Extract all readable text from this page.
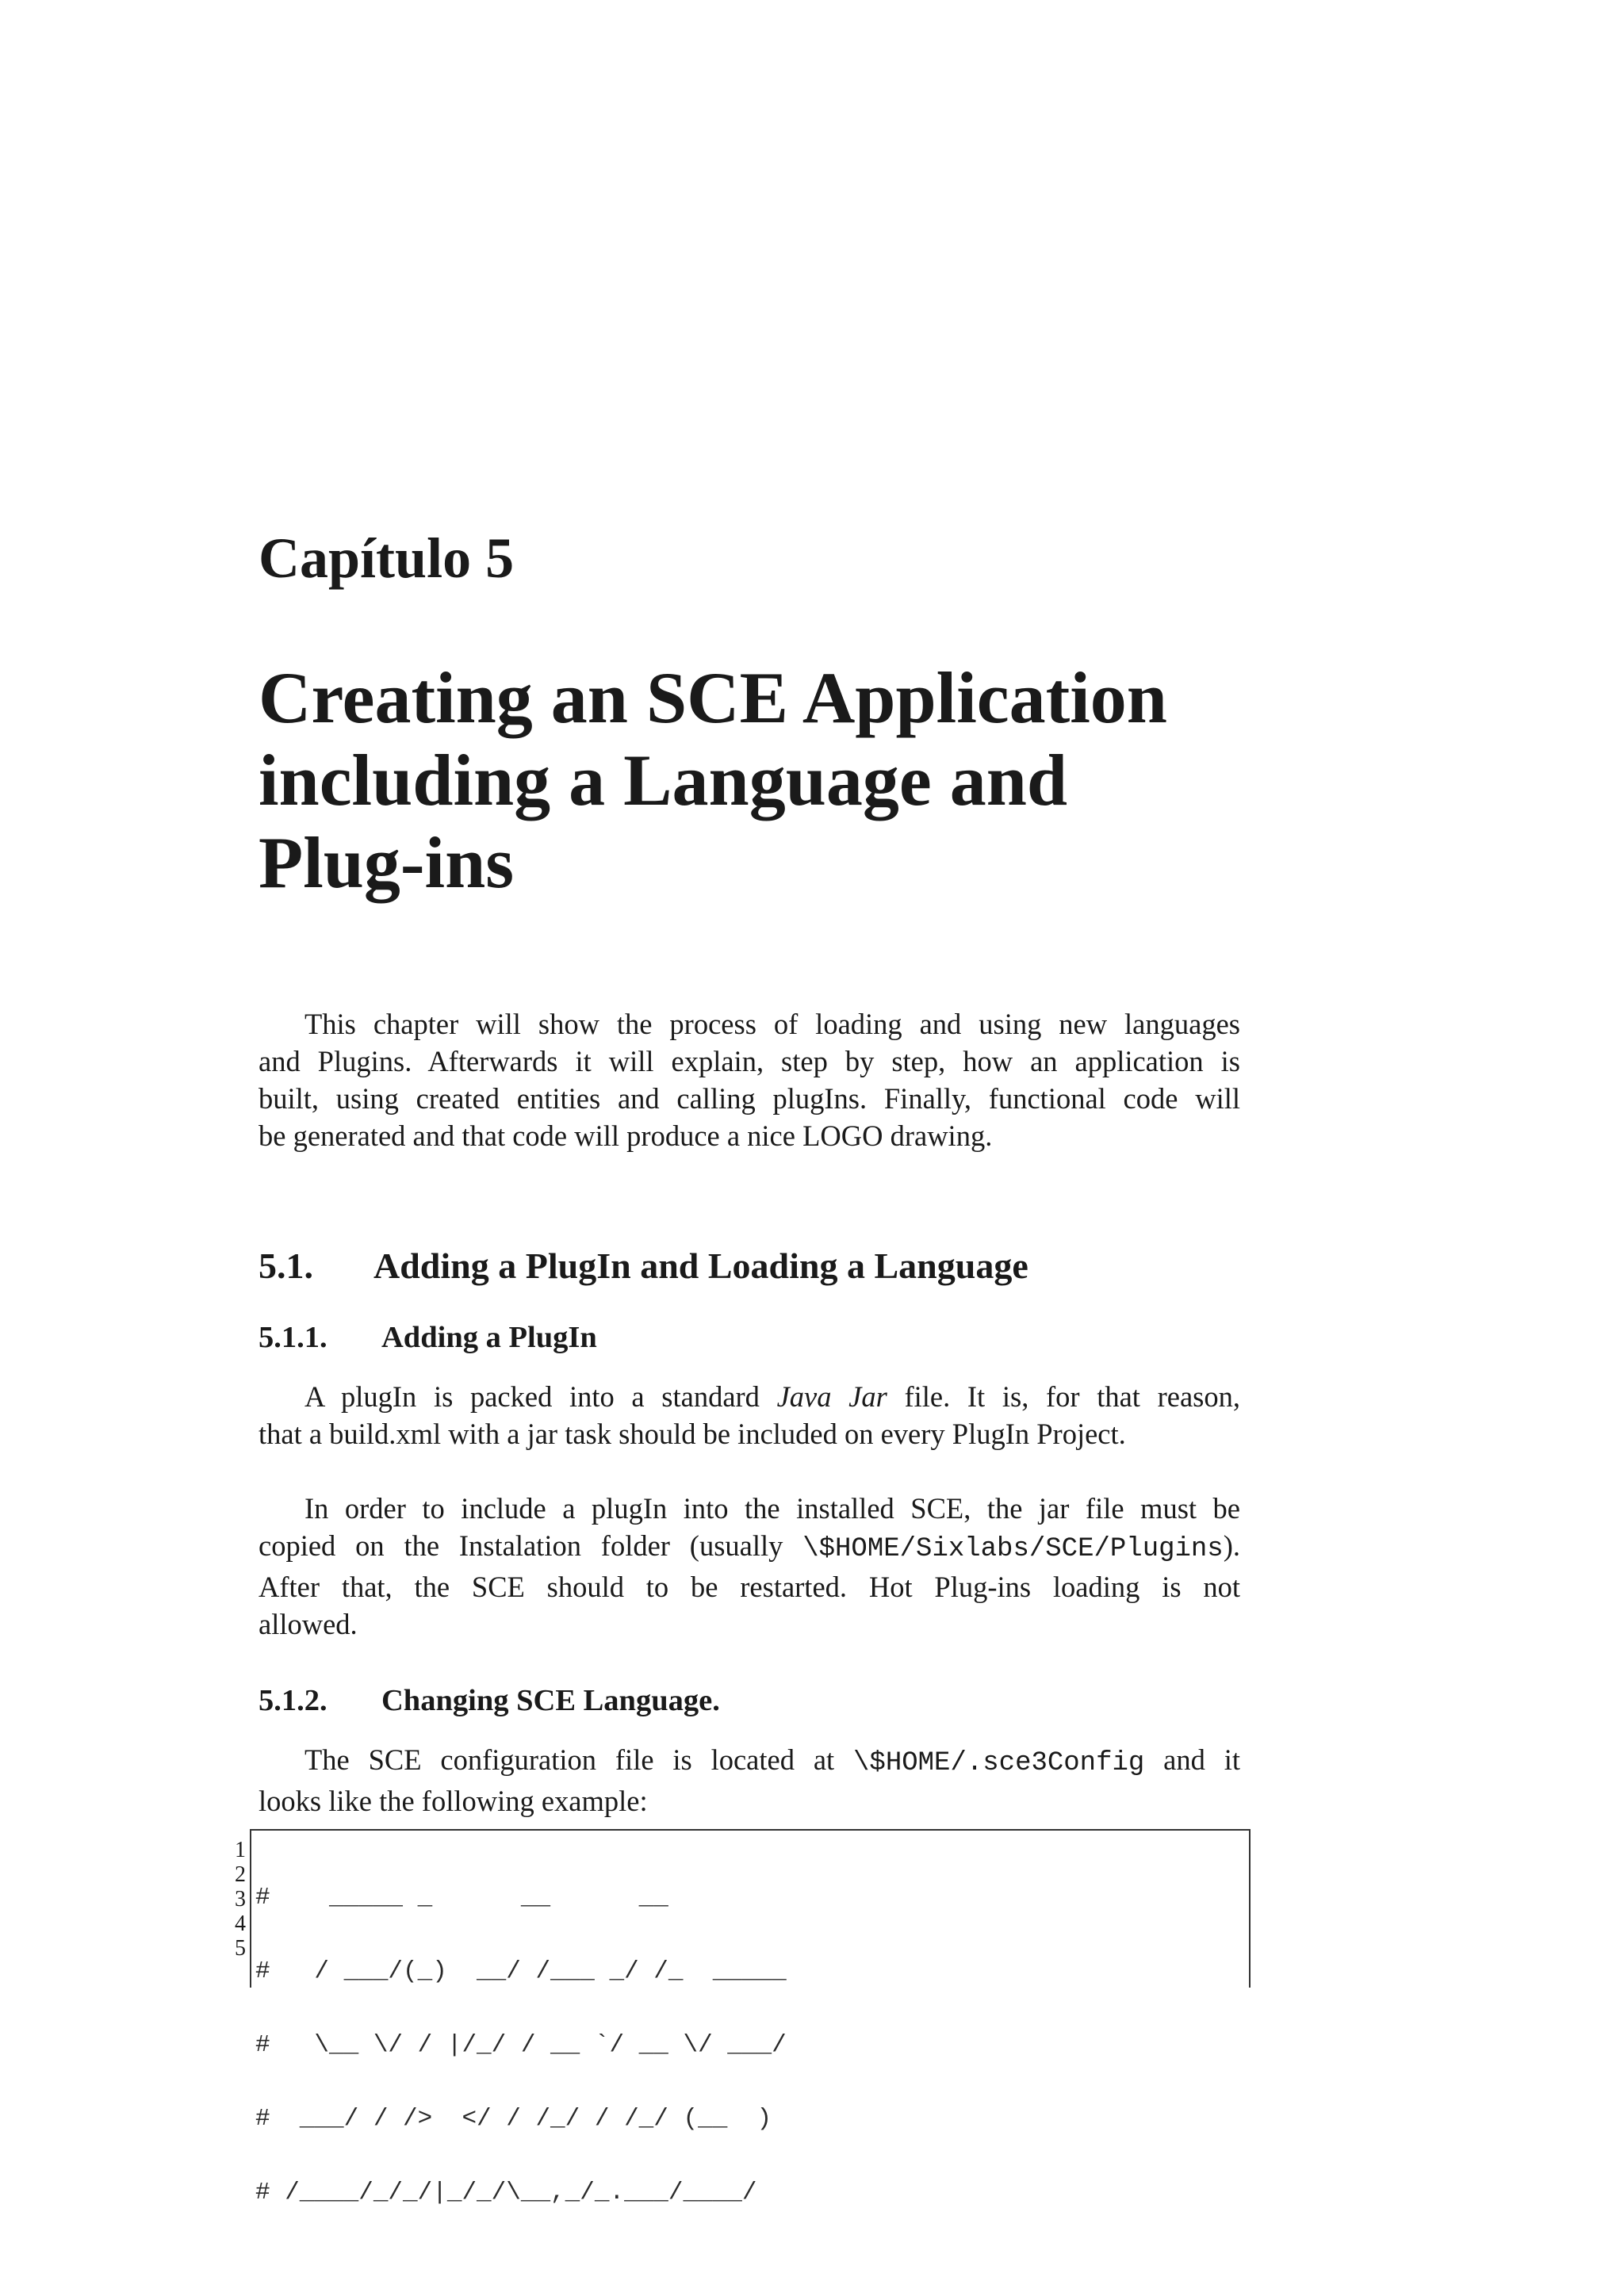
Capítulo 5
Creating an SCE Application
including a Language and
Plug-ins

This chapter will show the process of loading and using new languages
and Plugins. Afterwards it will explain, step by step, how an application is
built, using created entities and calling plugIns. Finally, functional code will
be generated and that code will produce a nice LOGO drawing.

5.1. Adding a PlugIn and Loading a Language
5.1.1. Adding a PlugIn

A plugIn is packed into a standard Java Jar file. It is, for that reason,
that a build.xml with a jar task should be included on every PlugIn Project.

In order to include a plugIn into the installed SCE, the jar file must be
copied on the Instalation folder (usually \$HOME/Sixlabs/SCE/Plugins).
After that, the SCE should to be restarted. Hot Plug-ins loading is not
allowed.

5.1.2. Changing SCE Language.

The SCE configuration file is located at \$HOME/.sce3Config and it
looks like the following example:

1
2
3
4
5

#    _____ _      __      __

#   / ___/(_)  __/ /___ _/ /_  _____

#   \__ \/ / |/_/ / __ `/ __ \/ ___/

#  ___/ / />  </ / /_/ / /_/ (__  )

# /____/_/_/|_/_/\__,_/_.___/____/
